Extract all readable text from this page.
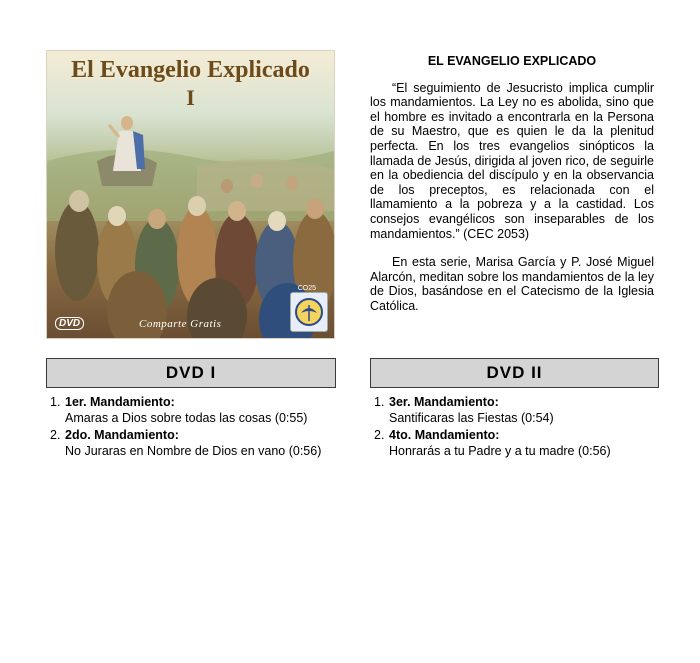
El Evangelio Explicado
I
CO25
DVD	Comparte Gratis
EL EVANGELIO EXPLICADO

“El seguimiento de Jesucristo implica cumplir los mandamientos. La Ley no es abolida, sino que el hombre es invitado a encontrarla en la Persona de su Maestro, que es quien le da la plenitud perfecta. En los tres evangelios sinópticos la llamada de Jesús, dirigida al joven rico, de seguirle en la obediencia del discípulo y en la observancia de los preceptos, es relacionada con el llamamiento a la pobreza y a la castidad. Los consejos evangélicos son inseparables de los mandamientos.” (CEC 2053)

En esta serie, Marisa García y P. José Miguel Alarcón, meditan sobre los mandamientos de la ley de Dios, basándose en el Catecismo de la Iglesia Católica.

DVD I	DVD II
1. 1er. Mandamiento:
Amaras a Dios sobre todas las cosas (0:55)
2. 2do. Mandamiento:
No Juraras en Nombre de Dios en vano (0:56)
1. 3er. Mandamiento:
Santificaras las Fiestas (0:54)
2. 4to. Mandamiento:
Honrarás a tu Padre y a tu madre (0:56)
